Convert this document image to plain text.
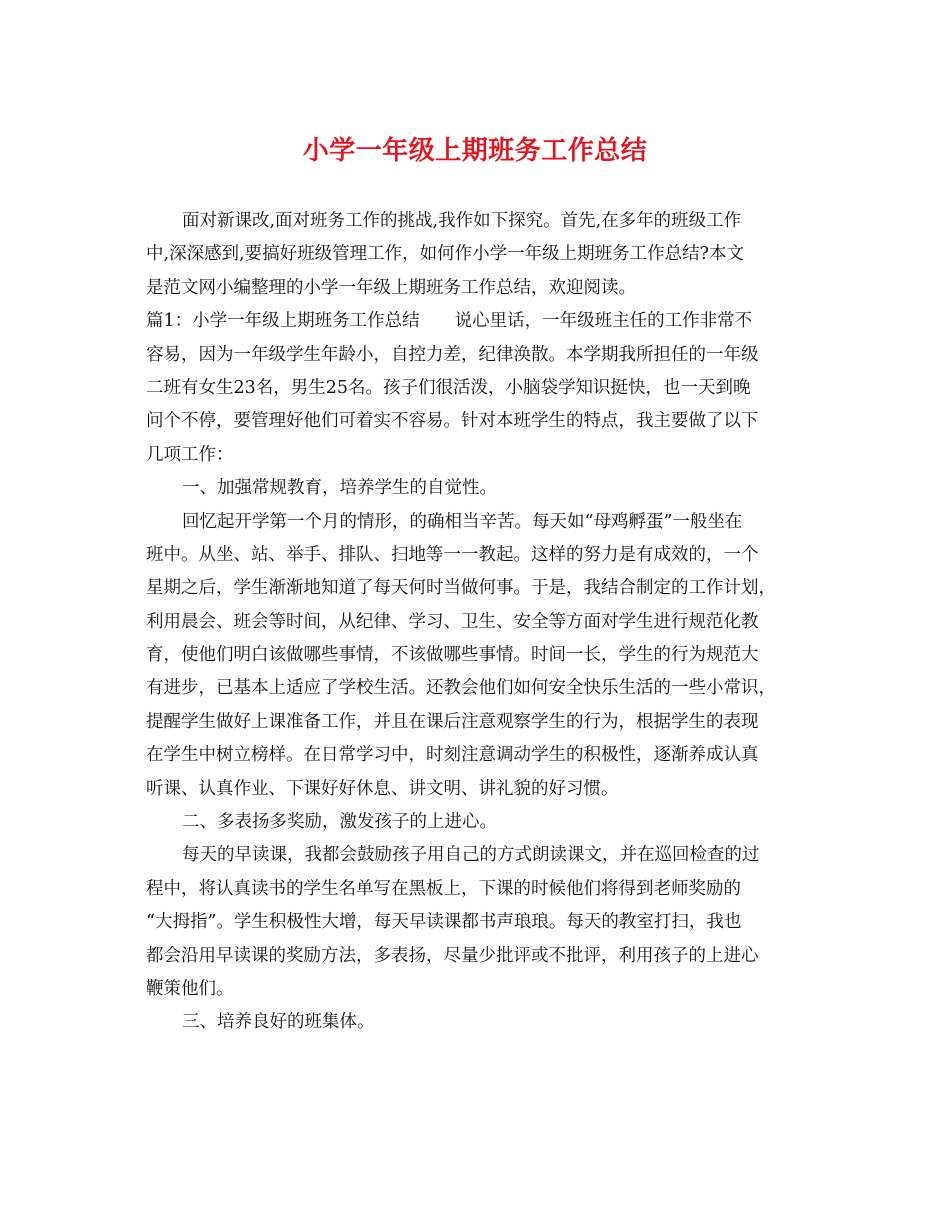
小学一年级上期班务工作总结
面对新课改,面对班务工作的挑战,我作如下探究。首先,在多年的班级工作
中,深深感到,要搞好班级管理工作，如何作小学一年级上期班务工作总结?本文
是范文网小编整理的小学一年级上期班务工作总结，欢迎阅读。
篇1：小学一年级上期班务工作总结　　说心里话，一年级班主任的工作非常不
容易，因为一年级学生年龄小，自控力差，纪律涣散。本学期我所担任的一年级
二班有女生23名，男生25名。孩子们很活泼，小脑袋学知识挺快，也一天到晚
问个不停，要管理好他们可着实不容易。针对本班学生的特点，我主要做了以下
几项工作：
一、加强常规教育，培养学生的自觉性。
回忆起开学第一个月的情形，的确相当辛苦。每天如“母鸡孵蛋”一般坐在
班中。从坐、站、举手、排队、扫地等一一教起。这样的努力是有成效的，一个
星期之后，学生渐渐地知道了每天何时当做何事。于是，我结合制定的工作计划，
利用晨会、班会等时间，从纪律、学习、卫生、安全等方面对学生进行规范化教
育，使他们明白该做哪些事情，不该做哪些事情。时间一长，学生的行为规范大
有进步，已基本上适应了学校生活。还教会他们如何安全快乐生活的一些小常识，
提醒学生做好上课准备工作，并且在课后注意观察学生的行为，根据学生的表现
在学生中树立榜样。在日常学习中，时刻注意调动学生的积极性，逐渐养成认真
听课、认真作业、下课好好休息、讲文明、讲礼貌的好习惯。
二、多表扬多奖励，激发孩子的上进心。
每天的早读课，我都会鼓励孩子用自己的方式朗读课文，并在巡回检查的过
程中，将认真读书的学生名单写在黑板上，下课的时候他们将得到老师奖励的
“大拇指”。学生积极性大增，每天早读课都书声琅琅。每天的教室打扫，我也
都会沿用早读课的奖励方法，多表扬，尽量少批评或不批评，利用孩子的上进心
鞭策他们。
三、培养良好的班集体。
